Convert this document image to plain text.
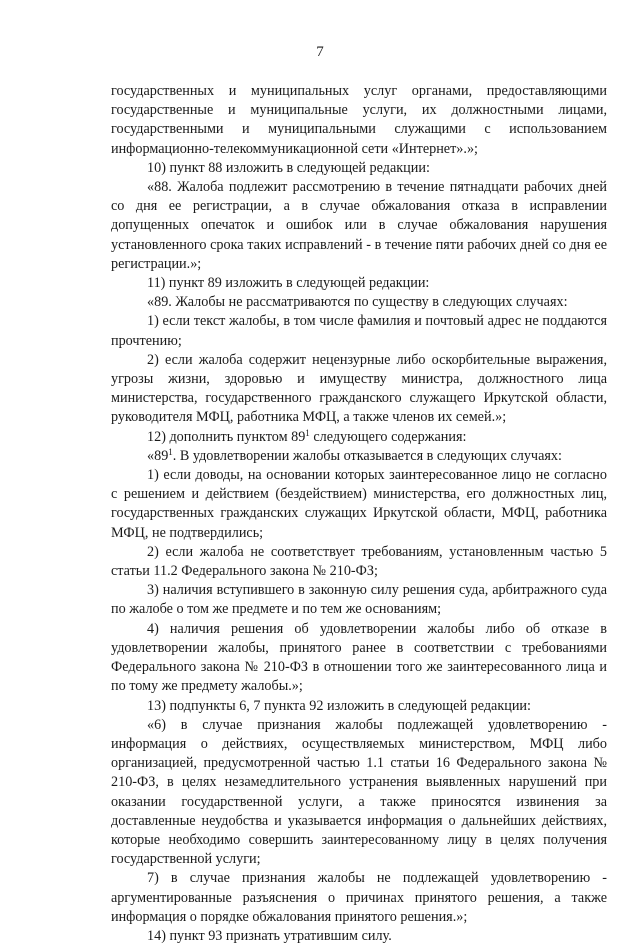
7

государственных и муниципальных услуг органами, предоставляющими государственные и муниципальные услуги, их должностными лицами, государственными и муниципальными служащими с использованием информационно-телекоммуникационной сети «Интернет».»;

10) пункт 88 изложить в следующей редакции:

«88. Жалоба подлежит рассмотрению в течение пятнадцати рабочих дней со дня ее регистрации, а в случае обжалования отказа в исправлении допущенных опечаток и ошибок или в случае обжалования нарушения установленного срока таких исправлений - в течение пяти рабочих дней со дня ее регистрации.»;

11) пункт 89 изложить в следующей редакции:

«89. Жалобы не рассматриваются по существу в следующих случаях:

1) если текст жалобы, в том числе фамилия и почтовый адрес не поддаются прочтению;

2) если жалоба содержит нецензурные либо оскорбительные выражения, угрозы жизни, здоровью и имуществу министра, должностного лица министерства, государственного гражданского служащего Иркутской области, руководителя МФЦ, работника МФЦ, а также членов их семей.»;

12) дополнить пунктом $89^1$ следующего содержания:

«$89^1$. В удовлетворении жалобы отказывается в следующих случаях:

1) если доводы, на основании которых заинтересованное лицо не согласно с решением и действием (бездействием) министерства, его должностных лиц, государственных гражданских служащих Иркутской области, МФЦ, работника МФЦ, не подтвердились;

2) если жалоба не соответствует требованиям, установленным частью 5 статьи 11.2 Федерального закона № 210-ФЗ;

3) наличия вступившего в законную силу решения суда, арбитражного суда по жалобе о том же предмете и по тем же основаниям;

4) наличия решения об удовлетворении жалобы либо об отказе в удовлетворении жалобы, принятого ранее в соответствии с требованиями Федерального закона № 210-ФЗ в отношении того же заинтересованного лица и по тому же предмету жалобы.»;

13) подпункты 6, 7 пункта 92 изложить в следующей редакции:

«6) в случае признания жалобы подлежащей удовлетворению - информация о действиях, осуществляемых министерством, МФЦ либо организацией, предусмотренной частью 1.1 статьи 16 Федерального закона № 210-ФЗ, в целях незамедлительного устранения выявленных нарушений при оказании государственной услуги, а также приносятся извинения за доставленные неудобства и указывается информация о дальнейших действиях, которые необходимо совершить заинтересованному лицу в целях получения государственной услуги;

7) в случае признания жалобы не подлежащей удовлетворению - аргументированные разъяснения о причинах принятого решения, а также информация о порядке обжалования принятого решения.»;

14) пункт 93 признать утратившим силу.
